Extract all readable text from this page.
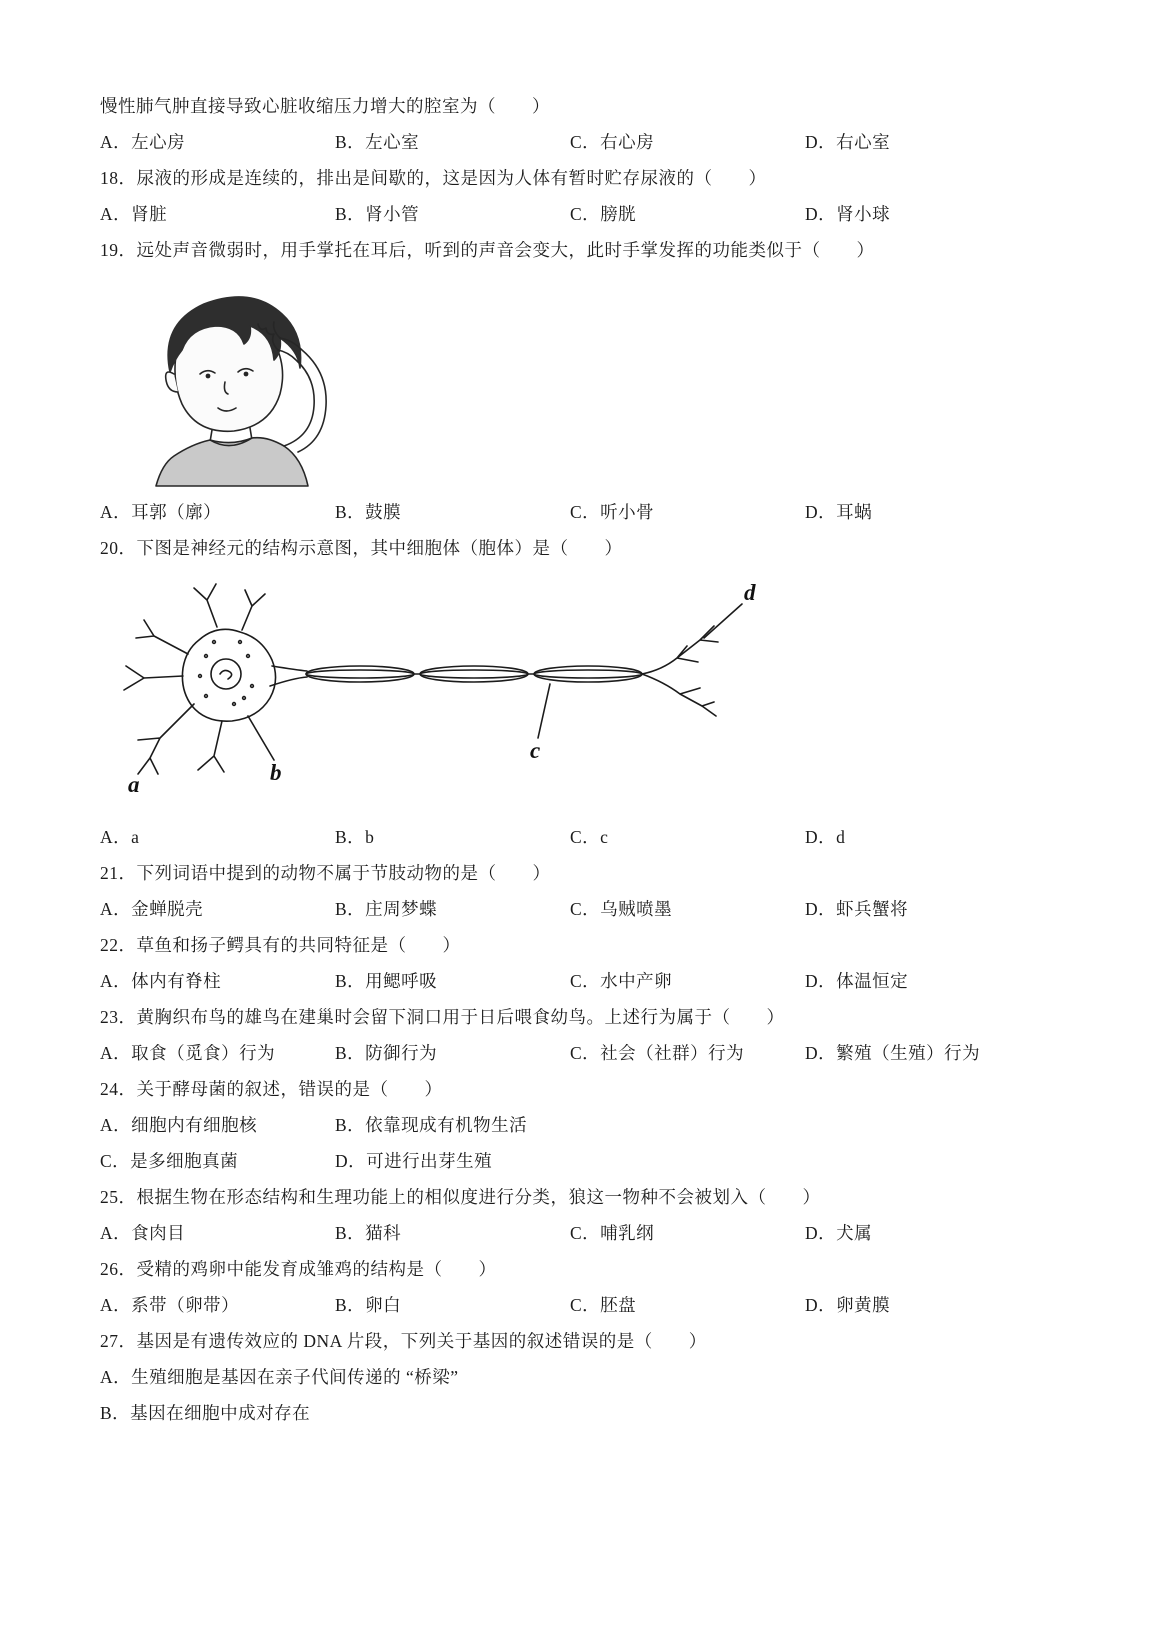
慢性肺气肿直接导致心脏收缩压力增大的腔室为（　　）
A．左心房	B．左心室	C．右心房	D．右心室
18．尿液的形成是连续的，排出是间歇的，这是因为人体有暂时贮存尿液的（　　）
A．肾脏	B．肾小管	C．膀胱	D．肾小球
19．远处声音微弱时，用手掌托在耳后，听到的声音会变大，此时手掌发挥的功能类似于（　　）
A．耳郭（廓）	B．鼓膜	C．听小骨	D．耳蜗
20．下图是神经元的结构示意图，其中细胞体（胞体）是（　　）
a	b
c
d
A．a	B．b	C．c	D．d
21．下列词语中提到的动物不属于节肢动物的是（　　）
A．金蝉脱壳	B．庄周梦蝶	C．乌贼喷墨	D．虾兵蟹将
22．草鱼和扬子鳄具有的共同特征是（　　）
A．体内有脊柱	B．用鳃呼吸	C．水中产卵	D．体温恒定
23．黄胸织布鸟的雄鸟在建巢时会留下洞口用于日后喂食幼鸟。上述行为属于（　　）
A．取食（觅食）行为	B．防御行为	C．社会（社群）行为	D．繁殖（生殖）行为
24．关于酵母菌的叙述，错误的是（　　）
A．细胞内有细胞核	B．依靠现成有机物生活
C．是多细胞真菌	D．可进行出芽生殖
25．根据生物在形态结构和生理功能上的相似度进行分类，狼这一物种不会被划入（　　）
A．食肉目	B．猫科	C．哺乳纲	D．犬属
26．受精的鸡卵中能发育成雏鸡的结构是（　　）
A．系带（卵带）	B．卵白	C．胚盘	D．卵黄膜
27．基因是有遗传效应的 DNA 片段，下列关于基因的叙述错误的是（　　）
A．生殖细胞是基因在亲子代间传递的 “桥梁”
B．基因在细胞中成对存在
